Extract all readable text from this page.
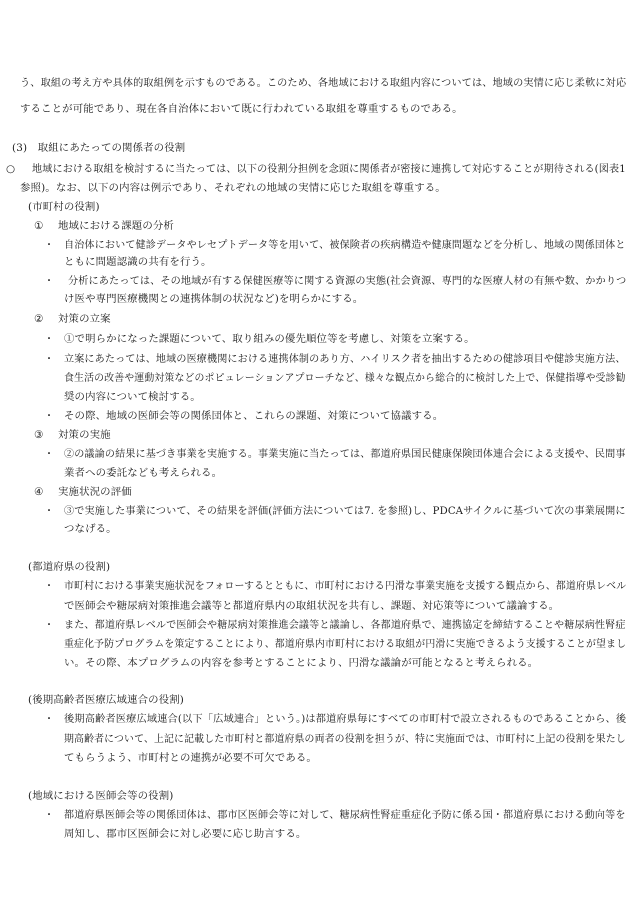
う、取組の考え方や具体的取組例を示すものである。このため、各地域における取組内容については、地域の実情に応じ柔軟に対応
することが可能であり、現在各自治体において既に行われている取組を尊重するものである。
(3)　取組にあたっての関係者の役割
○ 地域における取組を検討するに当たっては、以下の役割分担例を念頭に関係者が密接に連携して対応することが期待される(図表1
参照)。なお、以下の内容は例示であり、それぞれの地域の実情に応じた取組を尊重する。
(市町村の役割)
① 地域における課題の分析
・ 自治体において健診データやレセプトデータ等を用いて、被保険者の疾病構造や健康問題などを分析し、地域の関係団体と
ともに問題認識の共有を行う。
・ 分析にあたっては、その地域が有する保健医療等に関する資源の実態(社会資源、専門的な医療人材の有無や数、かかりつ
け医や専門医療機関との連携体制の状況など)を明らかにする。
② 対策の立案
・ ①で明らかになった課題について、取り組みの優先順位等を考慮し、対策を立案する。
・ 立案にあたっては、地域の医療機関における連携体制のあり方、ハイリスク者を抽出するための健診項目や健診実施方法、
食生活の改善や運動対策などのポピュレーションアプローチなど、様々な観点から総合的に検討した上で、保健指導や受診勧
奨の内容について検討する。
・ その際、地域の医師会等の関係団体と、これらの課題、対策について協議する。
③ 対策の実施
・ ②の議論の結果に基づき事業を実施する。事業実施に当たっては、都道府県国民健康保険団体連合会による支援や、民間事
業者への委託なども考えられる。
④ 実施状況の評価
・ ③で実施した事業について、その結果を評価(評価方法については7. を参照)し、PDCAサイクルに基づいて次の事業展開に
つなげる。
(都道府県の役割)
・ 市町村における事業実施状況をフォローするとともに、市町村における円滑な事業実施を支援する観点から、都道府県レベル
で医師会や糖尿病対策推進会議等と都道府県内の取組状況を共有し、課題、対応策等について議論する。
・ また、都道府県レベルで医師会や糖尿病対策推進会議等と議論し、各都道府県で、連携協定を締結することや糖尿病性腎症
重症化予防プログラムを策定することにより、都道府県内市町村における取組が円滑に実施できるよう支援することが望まし
い。その際、本プログラムの内容を参考とすることにより、円滑な議論が可能となると考えられる。
(後期高齢者医療広域連合の役割)
・ 後期高齢者医療広域連合(以下「広域連合」という。)は都道府県毎にすべての市町村で設立されるものであることから、後
期高齢者について、上記に記載した市町村と都道府県の両者の役割を担うが、特に実施面では、市町村に上記の役割を果たし
てもらうよう、市町村との連携が必要不可欠である。
(地域における医師会等の役割)
・ 都道府県医師会等の関係団体は、郡市区医師会等に対して、糖尿病性腎症重症化予防に係る国・都道府県における動向等を
周知し、郡市区医師会に対し必要に応じ助言する。
